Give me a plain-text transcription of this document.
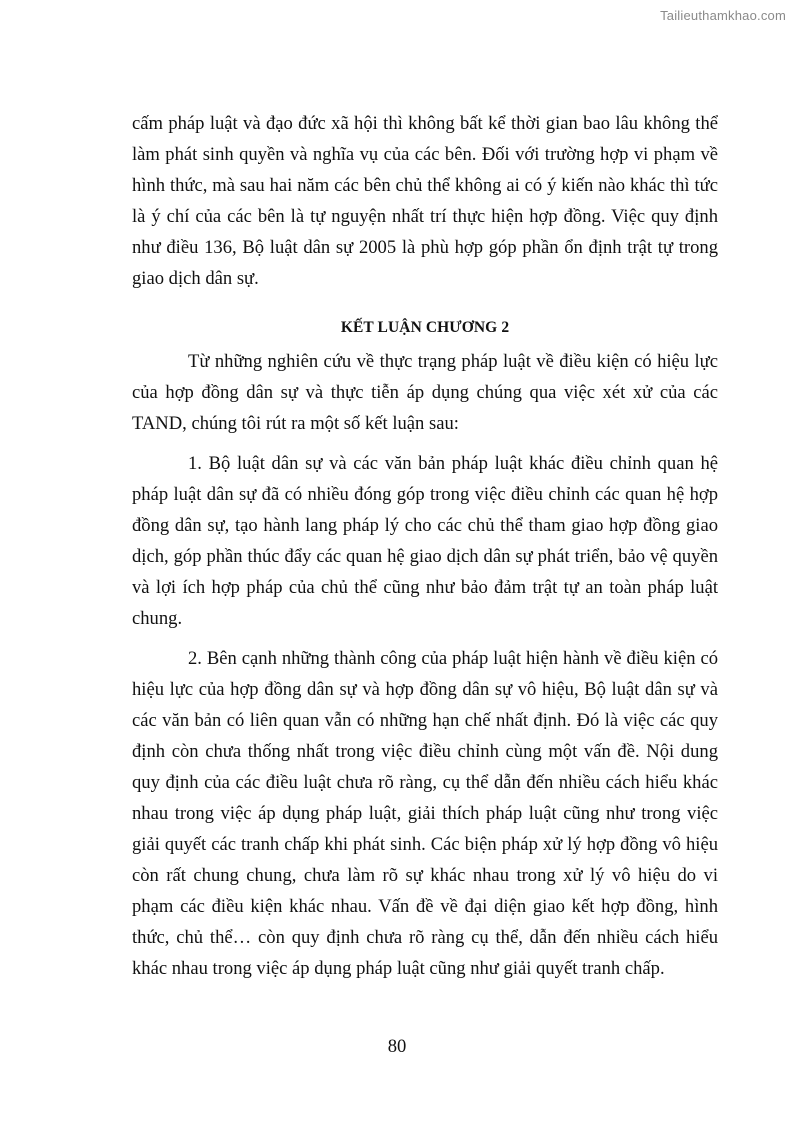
Tailieuthamkhao.com

cấm pháp luật và đạo đức xã hội thì không bất kể thời gian bao lâu không thể làm phát sinh quyền và nghĩa vụ của các bên. Đối với trường hợp vi phạm về hình thức, mà sau hai năm các bên chủ thể không ai có ý kiến nào khác thì tức là ý chí của các bên là tự nguyện nhất trí thực hiện hợp đồng. Việc quy định như điều 136, Bộ luật dân sự 2005 là phù hợp góp phần ổn định trật tự trong giao dịch dân sự.

KẾT LUẬN CHƯƠNG 2

Từ những nghiên cứu về thực trạng pháp luật về điều kiện có hiệu lực của hợp đồng dân sự và thực tiễn áp dụng chúng qua việc xét xử của các TAND, chúng tôi rút ra một số kết luận sau:

1. Bộ luật dân sự và các văn bản pháp luật khác điều chỉnh quan hệ pháp luật dân sự đã có nhiều đóng góp trong việc điều chỉnh các quan hệ hợp đồng dân sự, tạo hành lang pháp lý cho các chủ thể tham giao hợp đồng giao dịch, góp phần thúc đẩy các quan hệ giao dịch dân sự phát triển, bảo vệ quyền và lợi ích hợp pháp của chủ thể cũng như bảo đảm trật tự an toàn pháp luật chung.

2. Bên cạnh những thành công của pháp luật hiện hành về điều kiện có hiệu lực của hợp đồng dân sự và hợp đồng dân sự vô hiệu, Bộ luật dân sự và các văn bản có liên quan vẫn có những hạn chế nhất định. Đó là việc các quy định còn chưa thống nhất trong việc điều chỉnh cùng một vấn đề. Nội dung quy định của các điều luật chưa rõ ràng, cụ thể dẫn đến nhiều cách hiểu khác nhau trong việc áp dụng pháp luật, giải thích pháp luật cũng như trong việc giải quyết các tranh chấp khi phát sinh. Các biện pháp xử lý hợp đồng vô hiệu còn rất chung chung, chưa làm rõ sự khác nhau trong xử lý vô hiệu do vi phạm các điều kiện khác nhau. Vấn đề về đại diện giao kết hợp đồng, hình thức, chủ thể… còn quy định chưa rõ ràng cụ thể, dẫn đến nhiều cách hiểu khác nhau trong việc áp dụng pháp luật cũng như giải quyết tranh chấp.

80
